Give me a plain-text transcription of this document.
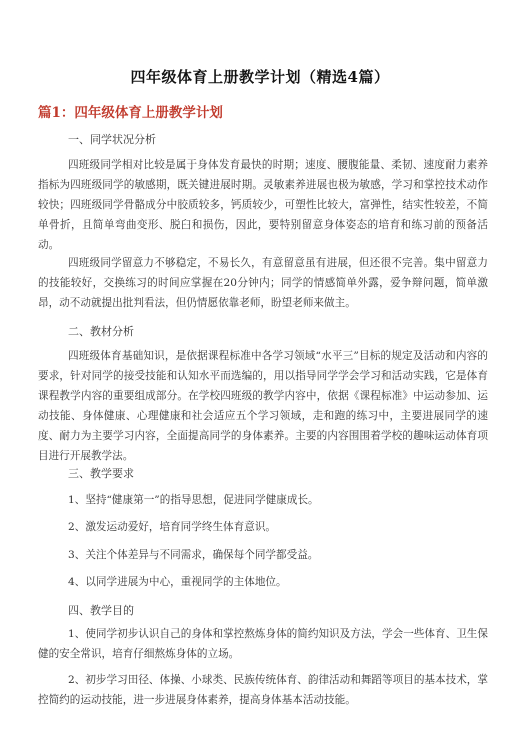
四年级体育上册教学计划（精选4篇）
篇1：四年级体育上册教学计划
一、同学状况分析

四班级同学相对比较是属于身体发育最快的时期；速度、腰腹能量、柔韧、速度耐力素养指标为四班级同学的敏感期，既关键进展时期。灵敏素养进展也极为敏感，学习和掌控技术动作较快；四班级同学骨骼成分中胶质较多，钙质较少，可塑性比较大，富弹性，结实性较差，不简单骨折，且简单弯曲变形、脱臼和损伤，因此，要特别留意身体姿态的培育和练习前的预备活动。

四班级同学留意力不够稳定，不易长久，有意留意虽有进展，但还很不完善。集中留意力的技能较好，交换练习的时间应掌握在20分钟内；同学的情感简单外露，爱争辩问题，简单激昂，动不动就提出批判看法，但仍情愿依靠老师，盼望老师来做主。

二、教材分析

四班级体育基础知识，是依据课程标准中各学习领域“水平三”目标的规定及活动和内容的要求，针对同学的接受技能和认知水平而选编的，用以指导同学学会学习和活动实践，它是体育课程教学内容的重要组成部分。在学校四班级的教学内容中，依据《课程标准》中运动参加、运动技能、身体健康、心理健康和社会适应五个学习领域，走和跑的练习中，主要进展同学的速度、耐力为主要学习内容，全面提高同学的身体素养。主要的内容围围着学校的趣味运动体育项目进行开展教学法。

三、教学要求
1、坚持“健康第一”的指导思想，促进同学健康成长。
2、激发运动爱好，培育同学终生体育意识。
3、关注个体差异与不同需求，确保每个同学都受益。
4、以同学进展为中心，重视同学的主体地位。
四、教学目的

1、使同学初步认识自己的身体和掌控熬炼身体的简约知识及方法，学会一些体育、卫生保健的安全常识，培育仔细熬炼身体的立场。

2、初步学习田径、体操、小球类、民族传统体育、韵律活动和舞蹈等项目的基本技术，掌控简约的运动技能，进一步进展身体素养，提高身体基本活动技能。
